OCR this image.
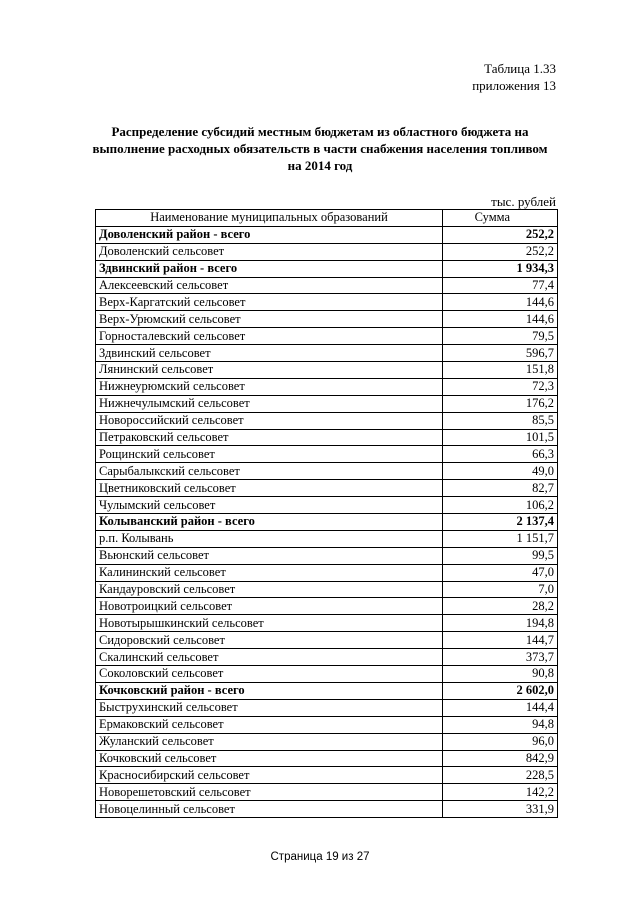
Таблица 1.33
приложения 13
Распределение субсидий местным бюджетам из областного бюджета на
выполнение расходных обязательств в части снабжения населения топливом
на 2014 год
тыс. рублей
Наименование муниципальных образований	Сумма
Доволенский район - всего	252,2
Доволенский сельсовет	252,2
Здвинский район - всего	1 934,3
Алексеевский сельсовет	77,4
Верх-Каргатский сельсовет	144,6
Верх-Урюмский сельсовет	144,6
Горносталевский сельсовет	79,5
Здвинский сельсовет	596,7
Лянинский сельсовет	151,8
Нижнеурюмский сельсовет	72,3
Нижнечулымский сельсовет	176,2
Новороссийский сельсовет	85,5
Петраковский сельсовет	101,5
Рощинский сельсовет	66,3
Сарыбалыкский сельсовет	49,0
Цветниковский сельсовет	82,7
Чулымский сельсовет	106,2
Колыванский район - всего	2 137,4
р.п. Колывань	1 151,7
Вьюнский сельсовет	99,5
Калининский сельсовет	47,0
Кандауровский сельсовет	7,0
Новотроицкий сельсовет	28,2
Новотырышкинский сельсовет	194,8
Сидоровский сельсовет	144,7
Скалинский сельсовет	373,7
Соколовский сельсовет	90,8
Кочковский район - всего	2 602,0
Быструхинский сельсовет	144,4
Ермаковский сельсовет	94,8
Жуланский сельсовет	96,0
Кочковский сельсовет	842,9
Красносибирский сельсовет	228,5
Новорешетовский сельсовет	142,2
Новоцелинный сельсовет	331,9
Страница 19 из 27
